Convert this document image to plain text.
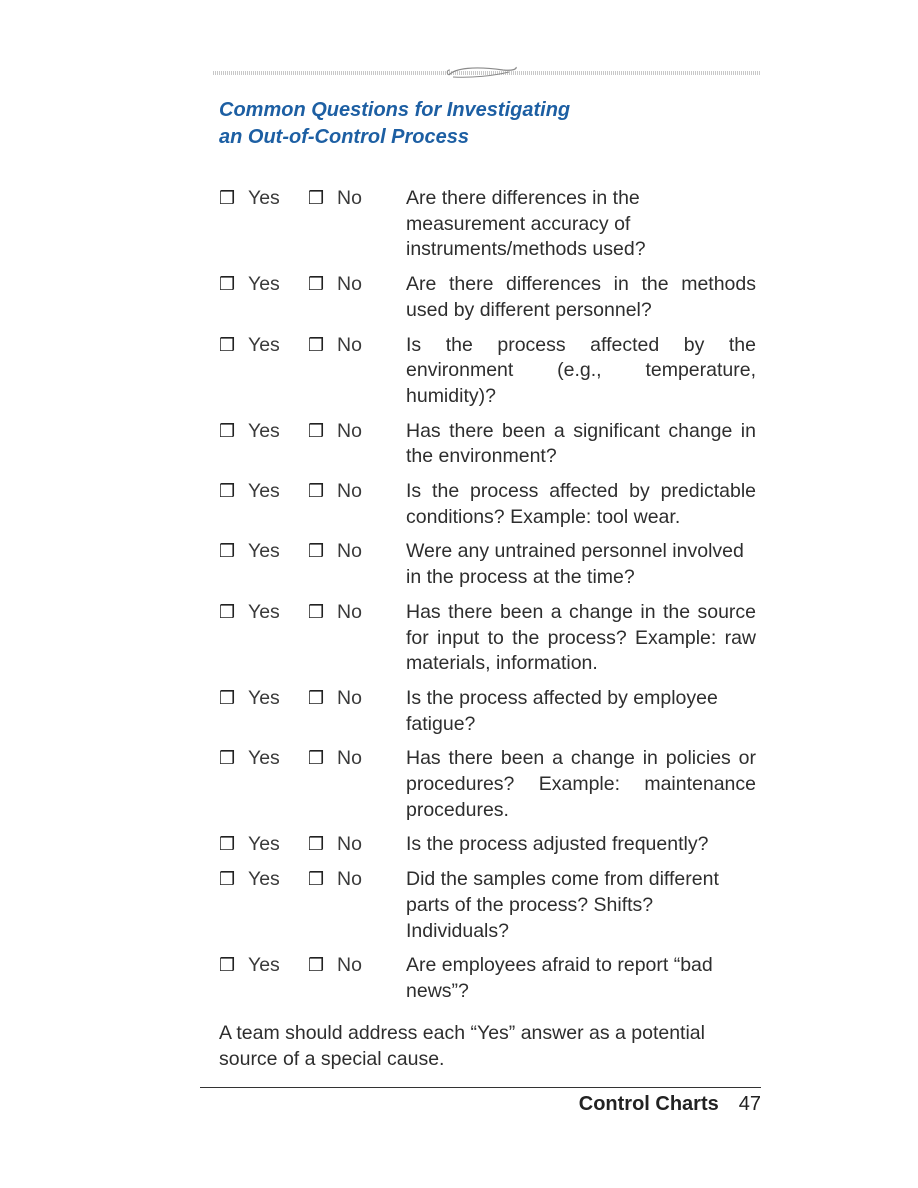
Common Questions for Investigating
an Out-of-Control Process
❒ Yes ❒ No Are there differences in the measurement accuracy of instruments/methods used?
❒ Yes ❒ No Are there differences in the methods used by different personnel?
❒ Yes ❒ No Is the process affected by the environment (e.g., temperature, humidity)?
❒ Yes ❒ No Has there been a significant change in the environment?
❒ Yes ❒ No Is the process affected by predictable conditions? Example: tool wear.
❒ Yes ❒ No Were any untrained personnel involved in the process at the time?
❒ Yes ❒ No Has there been a change in the source for input to the process? Example: raw materials, information.
❒ Yes ❒ No Is the process affected by employee fatigue?
❒ Yes ❒ No Has there been a change in policies or procedures? Example: maintenance procedures.
❒ Yes ❒ No Is the process adjusted frequently?
❒ Yes ❒ No Did the samples come from different parts of the process? Shifts? Individuals?
❒ Yes ❒ No Are employees afraid to report “bad news”?
A team should address each “Yes” answer as a potential source of a special cause.
Control Charts 47
